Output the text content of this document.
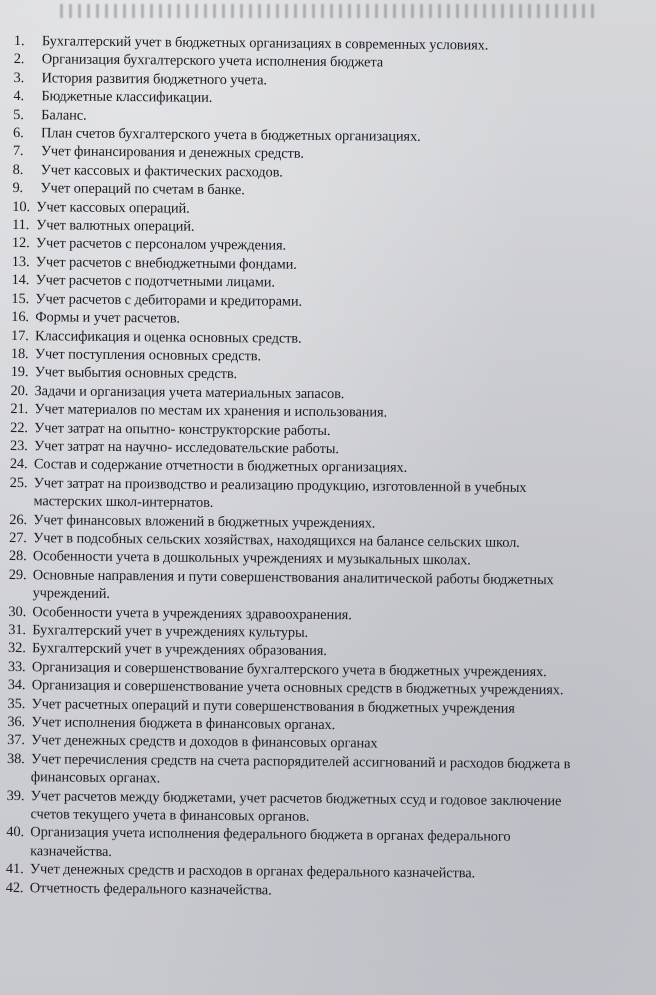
1.	Бухгалтерский учет в бюджетных организациях в современных условиях.
2.	Организация бухгалтерского учета исполнения бюджета
3.	История развития бюджетного учета.
4.	Бюджетные классификации.
5.	Баланс.
6.	План счетов бухгалтерского учета в бюджетных организациях.
7.	Учет финансирования и денежных средств.
8.	Учет кассовых и фактических расходов.
9.	Учет операций по счетам в банке.
10. Учет кассовых операций.
11. Учет валютных операций.
12. Учет расчетов с персоналом учреждения.
13. Учет расчетов с внебюджетными фондами.
14. Учет расчетов с подотчетными лицами.
15. Учет расчетов с дебиторами и кредиторами.
16. Формы и учет расчетов.
17. Классификация и оценка основных средств.
18. Учет поступления основных средств.
19. Учет выбытия основных средств.
20. Задачи и организация учета материальных запасов.
21. Учет материалов по местам их хранения и использования.
22. Учет затрат на опытно- конструкторские работы.
23. Учет затрат на научно- исследовательские работы.
24. Состав и содержание отчетности в бюджетных организациях.
25. Учет затрат на производство и реализацию продукцию, изготовленной в учебных мастерских школ-интернатов.
26. Учет финансовых вложений в бюджетных учреждениях.
27. Учет в подсобных сельских хозяйствах, находящихся на балансе сельских школ.
28. Особенности учета в дошкольных учреждениях и музыкальных школах.
29. Основные направления и пути совершенствования аналитической работы бюджетных учреждений.
30. Особенности учета в учреждениях здравоохранения.
31. Бухгалтерский учет в учреждениях культуры.
32. Бухгалтерский учет в учреждениях образования.
33. Организация и совершенствование бухгалтерского учета в бюджетных учреждениях.
34. Организация и совершенствование учета основных средств в бюджетных учреждениях.
35. Учет расчетных операций и пути совершенствования в бюджетных учреждения
36. Учет исполнения бюджета в финансовых органах.
37. Учет денежных средств и доходов в финансовых органах
38. Учет перечисления средств на счета распорядителей ассигнований и расходов бюджета в финансовых органах.
39. Учет расчетов между бюджетами, учет расчетов бюджетных ссуд и годовое заключение счетов текущего учета в финансовых органов.
40. Организация учета исполнения федерального бюджета в органах федерального казначейства.
41. Учет денежных средств и расходов в органах федерального казначейства.
42. Отчетность федерального казначейства.
